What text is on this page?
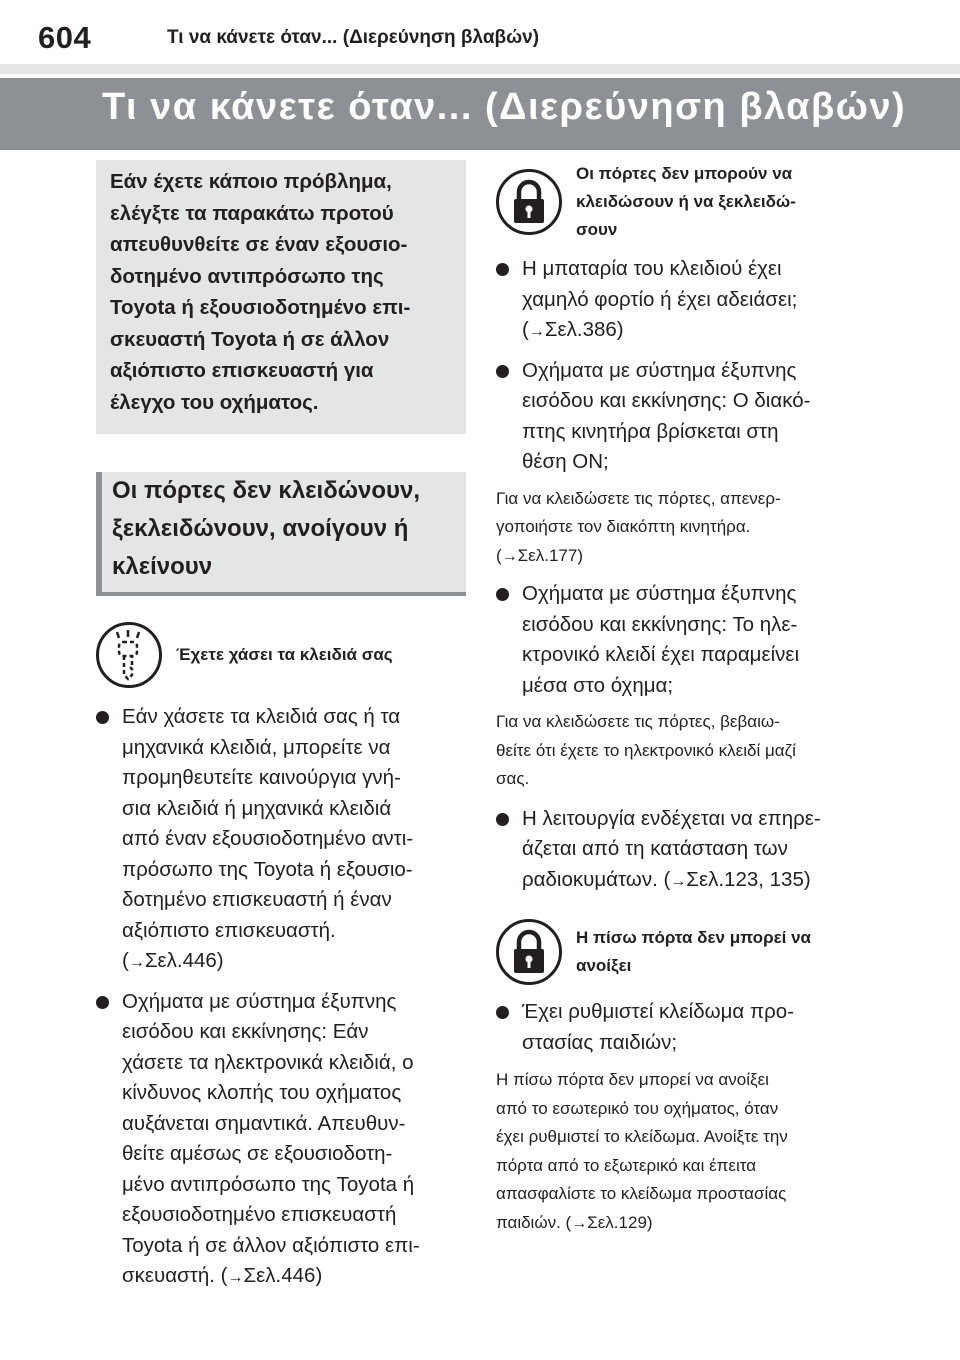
604	Τι να κάνετε όταν... (Διερεύνηση βλαβών)
Τι να κάνετε όταν... (Διερεύνηση βλαβών)

Εάν έχετε κάποιο πρόβλημα,

ελέγξτε τα παρακάτω προτού

απευθυνθείτε σε έναν εξουσιο-

δοτημένο αντιπρόσωπο της

Toyota ή εξουσιοδοτημένο επι-

σκευαστή Toyota ή σε άλλον

αξιόπιστο επισκευαστή για

έλεγχο του οχήματος.

Οι πόρτες δεν κλειδώνουν,

ξεκλειδώνουν, ανοίγουν ή

κλείνουν

Έχετε χάσει τα κλειδιά σας
Εάν χάσετε τα κλειδιά σας ή τα
μηχανικά κλειδιά, μπορείτε να
προμηθευτείτε καινούργια γνή-
σια κλειδιά ή μηχανικά κλειδιά
από έναν εξουσιοδοτημένο αντι-
πρόσωπο της Toyota ή εξουσιο-
δοτημένο επισκευαστή ή έναν
αξιόπιστο επισκευαστή.
(→Σελ.446)
Οχήματα με σύστημα έξυπνης
εισόδου και εκκίνησης: Εάν
χάσετε τα ηλεκτρονικά κλειδιά, ο
κίνδυνος κλοπής του οχήματος
αυξάνεται σημαντικά. Απευθυν-
θείτε αμέσως σε εξουσιοδοτη-
μένο αντιπρόσωπο της Toyota ή
εξουσιοδοτημένο επισκευαστή
Toyota ή σε άλλον αξιόπιστο επι-
σκευαστή. (→Σελ.446)
Οι πόρτες δεν μπορούν να
κλειδώσουν ή να ξεκλειδώ-
σουν
Η μπαταρία του κλειδιού έχει
χαμηλό φορτίο ή έχει αδειάσει;
(→Σελ.386)
Οχήματα με σύστημα έξυπνης
εισόδου και εκκίνησης: Ο διακό-
πτης κινητήρα βρίσκεται στη
θέση ON;
Για να κλειδώσετε τις πόρτες, απενερ-
γοποιήστε τον διακόπτη κινητήρα.
(→Σελ.177)
Οχήματα με σύστημα έξυπνης
εισόδου και εκκίνησης: Το ηλε-
κτρονικό κλειδί έχει παραμείνει
μέσα στο όχημα;
Για να κλειδώσετε τις πόρτες, βεβαιω-
θείτε ότι έχετε το ηλεκτρονικό κλειδί μαζί
σας.
Η λειτουργία ενδέχεται να επηρε-
άζεται από τη κατάσταση των
ραδιοκυμάτων. (→Σελ.123, 135)
Η πίσω πόρτα δεν μπορεί να
ανοίξει
Έχει ρυθμιστεί κλείδωμα προ-
στασίας παιδιών;
Η πίσω πόρτα δεν μπορεί να ανοίξει
από το εσωτερικό του οχήματος, όταν
έχει ρυθμιστεί το κλείδωμα. Ανοίξτε την
πόρτα από το εξωτερικό και έπειτα
απασφαλίστε το κλείδωμα προστασίας
παιδιών. (→Σελ.129)
